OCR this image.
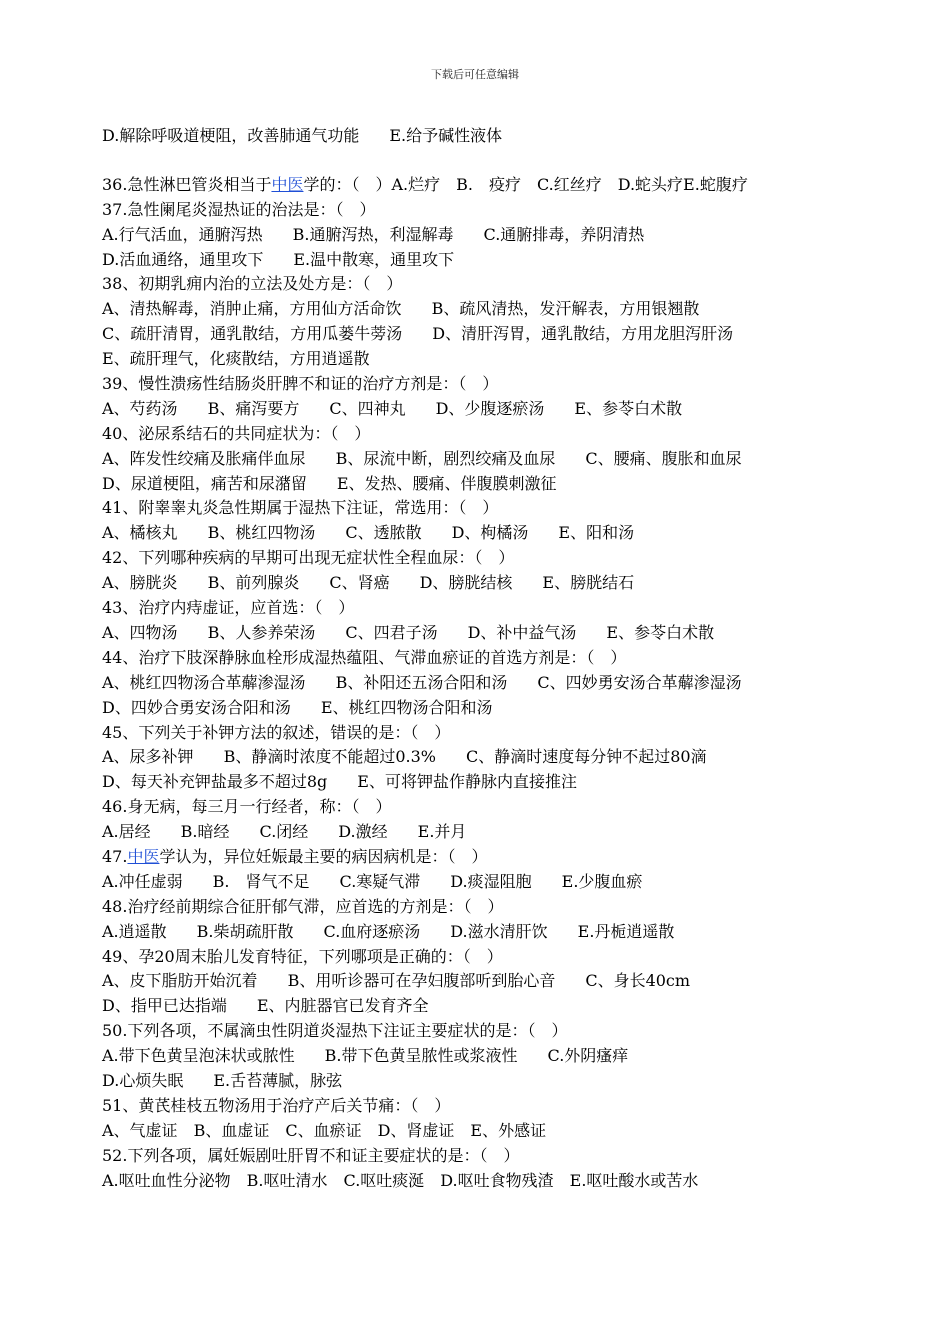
下载后可任意编辑
D.解除呼吸道梗阻，改善肺通气功能 E.给予碱性液体
36.急性淋巴管炎相当于中医学的：（　）A.烂疗　B.　疫疗　C.红丝疗　D.蛇头疗E.蛇腹疗
37.急性阑尾炎湿热证的治法是：（　）
A.行气活血，通腑泻热 B.通腑泻热，利湿解毒 C.通腑排毒，养阴清热
D.活血通络，通里攻下 E.温中散寒，通里攻下
38、初期乳痈内治的立法及处方是：（　）
A、清热解毒，消肿止痛，方用仙方活命饮 B、疏风清热，发汗解表，方用银翘散
C、疏肝清胃，通乳散结，方用瓜蒌牛蒡汤 D、清肝泻胃，通乳散结，方用龙胆泻肝汤
E、疏肝理气，化痰散结，方用逍遥散
39、慢性溃疡性结肠炎肝脾不和证的治疗方剂是：（　）
A、芍药汤 B、痛泻要方 C、四神丸 D、少腹逐瘀汤 E、参苓白术散
40、泌尿系结石的共同症状为：（　）
A、阵发性绞痛及胀痛伴血尿 B、尿流中断，剧烈绞痛及血尿 C、腰痛、腹胀和血尿
D、尿道梗阻，痛苦和尿潴留 E、发热、腰痛、伴腹膜刺激征
41、附睾睾丸炎急性期属于湿热下注证，常选用：（　）
A、橘核丸 B、桃红四物汤 C、透脓散 D、枸橘汤 E、阳和汤
42、下列哪种疾病的早期可出现无症状性全程血尿：（　）
A、膀胱炎 B、前列腺炎 C、肾癌 D、膀胱结核 E、膀胱结石
43、治疗内痔虚证，应首选：（　）
A、四物汤 B、人参养荣汤 C、四君子汤 D、补中益气汤 E、参苓白术散
44、治疗下肢深静脉血栓形成湿热蕴阻、气滞血瘀证的首选方剂是：（　）
A、桃红四物汤合革薢渗湿汤 B、补阳还五汤合阳和汤 C、四妙勇安汤合革薢渗湿汤
D、四妙合勇安汤合阳和汤 E、桃红四物汤合阳和汤
45、下列关于补钾方法的叙述，错误的是：（　）
A、尿多补钾 B、静滴时浓度不能超过0.3% C、静滴时速度每分钟不起过80滴
D、每天补充钾盐最多不超过8g E、可将钾盐作静脉内直接推注
46.身无病，每三月一行经者，称：（　）
A.居经 B.暗经 C.闭经 D.激经 E.并月
47.中医学认为，异位妊娠最主要的病因病机是：（　）
A.冲任虚弱 B.　肾气不足 C.寒疑气滞 D.痰湿阻胞 E.少腹血瘀
48.治疗经前期综合征肝郁气滞，应首选的方剂是：（　）
A.逍遥散 B.柴胡疏肝散 C.血府逐瘀汤 D.滋水清肝饮 E.丹栀逍遥散
49、孕20周末胎儿发育特征，下列哪项是正确的：（　）
A、皮下脂肪开始沉着 B、用听诊器可在孕妇腹部听到胎心音 C、身长40cm
D、指甲已达指端 E、内脏器官已发育齐全
50.下列各项，不属滴虫性阴道炎湿热下注证主要症状的是：（　）
A.带下色黄呈泡沫状或脓性 B.带下色黄呈脓性或浆液性 C.外阴瘙痒
D.心烦失眠 E.舌苔薄腻，脉弦
51、黄芪桂枝五物汤用于治疗产后关节痛：（　）
A、气虚证 B、血虚证 C、血瘀证 D、肾虚证 E、外感证
52.下列各项，属妊娠剧吐肝胃不和证主要症状的是：（　）
A.呕吐血性分泌物 B.呕吐清水 C.呕吐痰涎 D.呕吐食物残渣 E.呕吐酸水或苦水
